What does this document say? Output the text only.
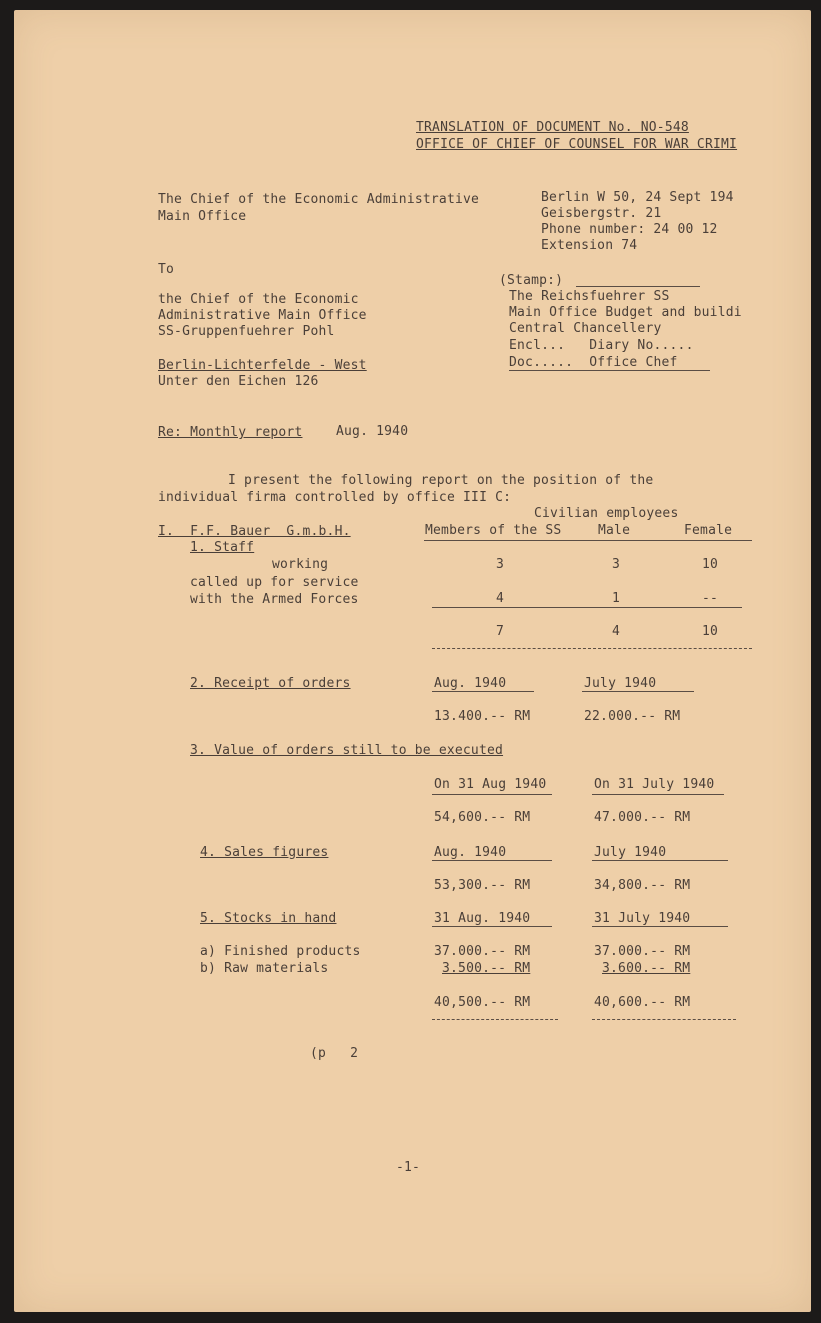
TRANSLATION OF DOCUMENT No. NO-548
OFFICE OF CHIEF OF COUNSEL FOR WAR CRIMI
The Chief of the Economic Administrative
Main Office
Berlin W 50, 24 Sept 194
Geisbergstr. 21
Phone number: 24 00 12
Extension 74
To
the Chief of the Economic
Administrative Main Office
SS-Gruppenfuehrer Pohl
Berlin-Lichterfelde - West
Unter den Eichen 126
(Stamp:)
The Reichsfuehrer SS
Main Office Budget and buildi
Central Chancellery
Encl...   Diary No.....
Doc.....  Office Chef
Re: Monthly report	Aug. 1940
I present the following report on the position of the
individual firma controlled by office III C:
Civilian employees
I.  F.F. Bauer  G.m.b.H.	Members of the SS	Male	Female
1. Staff
working	3	3	10
called up for service
with the Armed Forces	4	1	--
7	4	10
2. Receipt of orders	Aug. 1940	July 1940
13.400.-- RM	22.000.-- RM
3. Value of orders still to be executed
On 31 Aug 1940	On 31 July 1940
54,600.-- RM	47.000.-- RM
4. Sales figures	Aug. 1940	July 1940
53,300.-- RM	34,800.-- RM
5. Stocks in hand	31 Aug. 1940	31 July 1940
a) Finished products	37.000.-- RM	37.000.-- RM
b) Raw materials	3.500.-- RM	3.600.-- RM
40,500.-- RM	40,600.-- RM
(p   2
-1-
